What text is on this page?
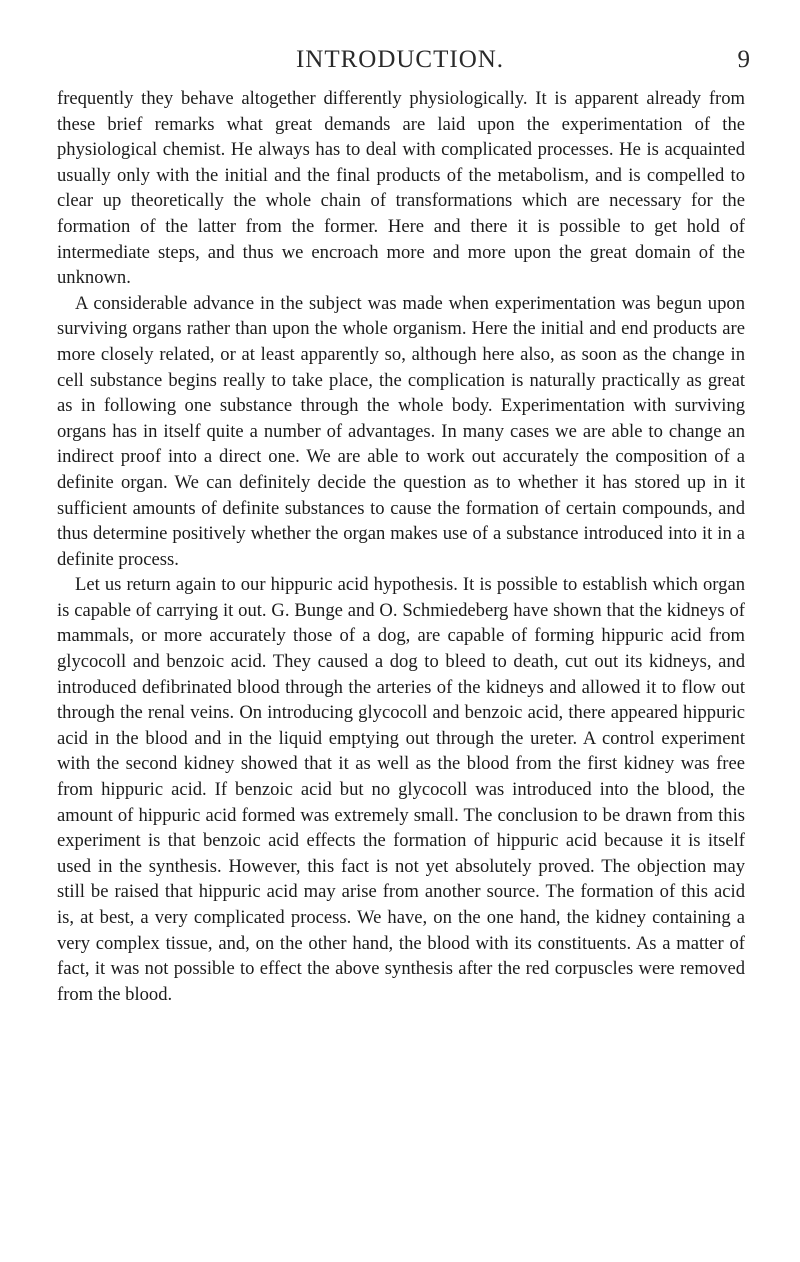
INTRODUCTION.	9

frequently they behave altogether differently physiologically. It is apparent already from these brief remarks what great demands are laid upon the experimentation of the physiological chemist. He always has to deal with complicated processes. He is acquainted usually only with the initial and the final products of the metabolism, and is compelled to clear up theoretically the whole chain of transformations which are necessary for the formation of the latter from the former. Here and there it is possible to get hold of intermediate steps, and thus we encroach more and more upon the great domain of the unknown.

A considerable advance in the subject was made when experimentation was begun upon surviving organs rather than upon the whole organism. Here the initial and end products are more closely related, or at least apparently so, although here also, as soon as the change in cell substance begins really to take place, the complication is naturally practically as great as in following one substance through the whole body. Experimentation with surviving organs has in itself quite a number of advantages. In many cases we are able to change an indirect proof into a direct one. We are able to work out accurately the composition of a definite organ. We can definitely decide the question as to whether it has stored up in it sufficient amounts of definite substances to cause the formation of certain compounds, and thus determine positively whether the organ makes use of a substance introduced into it in a definite process.

Let us return again to our hippuric acid hypothesis. It is possible to establish which organ is capable of carrying it out. G. Bunge and O. Schmiedeberg have shown that the kidneys of mammals, or more accurately those of a dog, are capable of forming hippuric acid from glycocoll and benzoic acid. They caused a dog to bleed to death, cut out its kidneys, and introduced defibrinated blood through the arteries of the kidneys and allowed it to flow out through the renal veins. On introducing glycocoll and benzoic acid, there appeared hippuric acid in the blood and in the liquid emptying out through the ureter. A control experiment with the second kidney showed that it as well as the blood from the first kidney was free from hippuric acid. If benzoic acid but no glycocoll was introduced into the blood, the amount of hippuric acid formed was extremely small. The conclusion to be drawn from this experiment is that benzoic acid effects the formation of hippuric acid because it is itself used in the synthesis. However, this fact is not yet absolutely proved. The objection may still be raised that hippuric acid may arise from another source. The formation of this acid is, at best, a very complicated process. We have, on the one hand, the kidney containing a very complex tissue, and, on the other hand, the blood with its constituents. As a matter of fact, it was not possible to effect the above synthesis after the red corpuscles were removed from the blood.
